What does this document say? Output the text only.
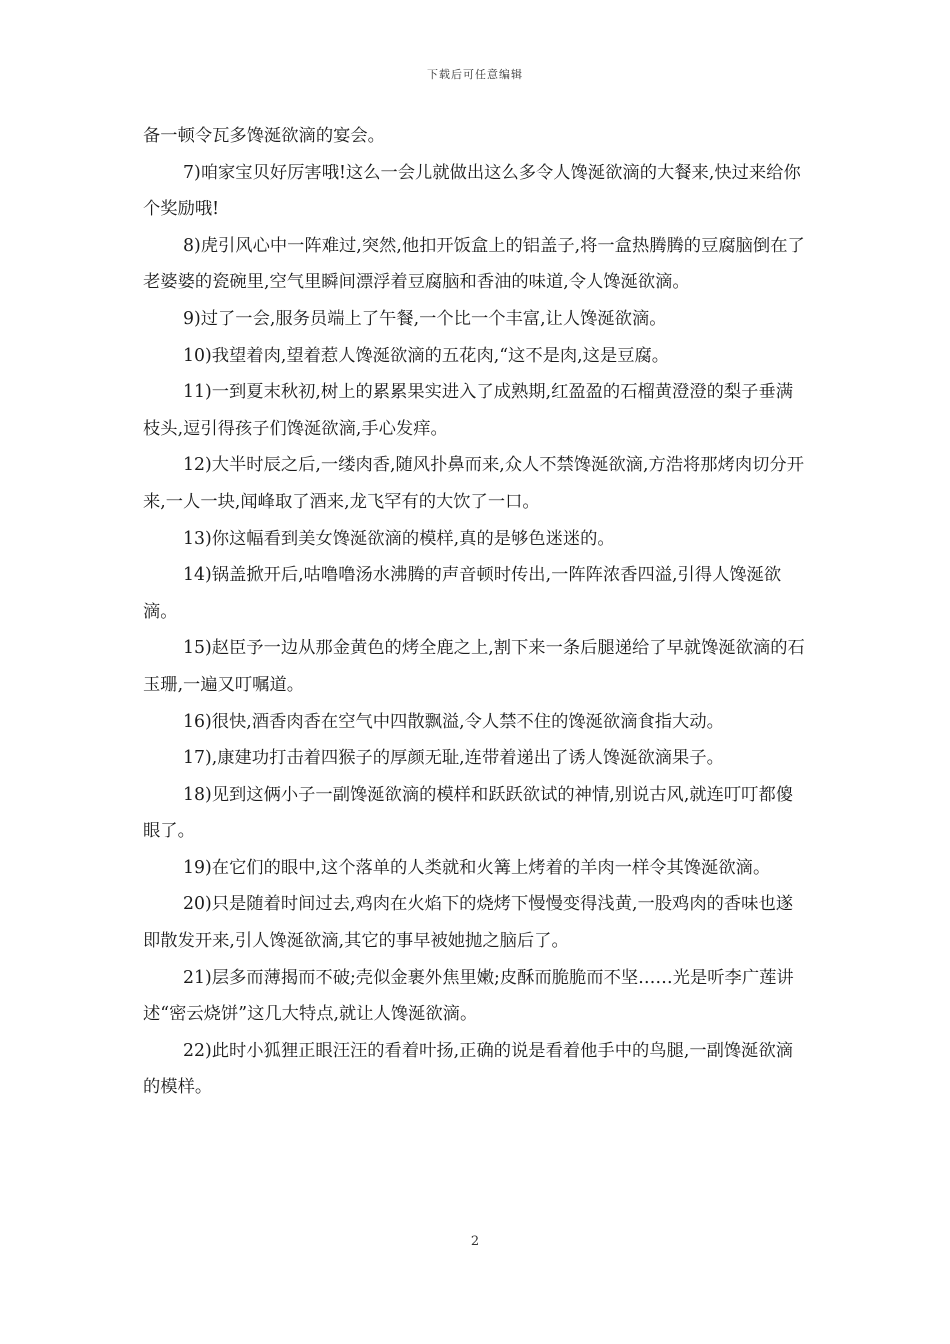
下载后可任意编辑

备一顿令瓦多馋涎欲滴的宴会。

7)咱家宝贝好厉害哦!这么一会儿就做出这么多令人馋涎欲滴的大餐来,快过来给你个奖励哦!

8)虎引风心中一阵难过,突然,他扣开饭盒上的铝盖子,将一盒热腾腾的豆腐脑倒在了老婆婆的瓷碗里,空气里瞬间漂浮着豆腐脑和香油的味道,令人馋涎欲滴。

9)过了一会,服务员端上了午餐,一个比一个丰富,让人馋涎欲滴。

10)我望着肉,望着惹人馋涎欲滴的五花肉,“这不是肉,这是豆腐。

11)一到夏末秋初,树上的累累果实进入了成熟期,红盈盈的石榴黄澄澄的梨子垂满枝头,逗引得孩子们馋涎欲滴,手心发痒。

12)大半时辰之后,一缕肉香,随风扑鼻而来,众人不禁馋涎欲滴,方浩将那烤肉切分开来,一人一块,闻峰取了酒来,龙飞罕有的大饮了一口。

13)你这幅看到美女馋涎欲滴的模样,真的是够色迷迷的。

14)锅盖掀开后,咕噜噜汤水沸腾的声音顿时传出,一阵阵浓香四溢,引得人馋涎欲滴。

15)赵臣予一边从那金黄色的烤全鹿之上,割下来一条后腿递给了早就馋涎欲滴的石玉珊,一遍又叮嘱道。

16)很快,酒香肉香在空气中四散飘溢,令人禁不住的馋涎欲滴食指大动。

17),康建功打击着四猴子的厚颜无耻,连带着递出了诱人馋涎欲滴果子。

18)见到这俩小子一副馋涎欲滴的模样和跃跃欲试的神情,别说古风,就连叮叮都傻眼了。

19)在它们的眼中,这个落单的人类就和火篝上烤着的羊肉一样令其馋涎欲滴。

20)只是随着时间过去,鸡肉在火焰下的烧烤下慢慢变得浅黄,一股鸡肉的香味也遂即散发开来,引人馋涎欲滴,其它的事早被她抛之脑后了。

21)层多而薄揭而不破;壳似金裹外焦里嫩;皮酥而脆脆而不坚……光是听李广莲讲述“密云烧饼”这几大特点,就让人馋涎欲滴。

22)此时小狐狸正眼汪汪的看着叶扬,正确的说是看着他手中的鸟腿,一副馋涎欲滴的模样。

2
